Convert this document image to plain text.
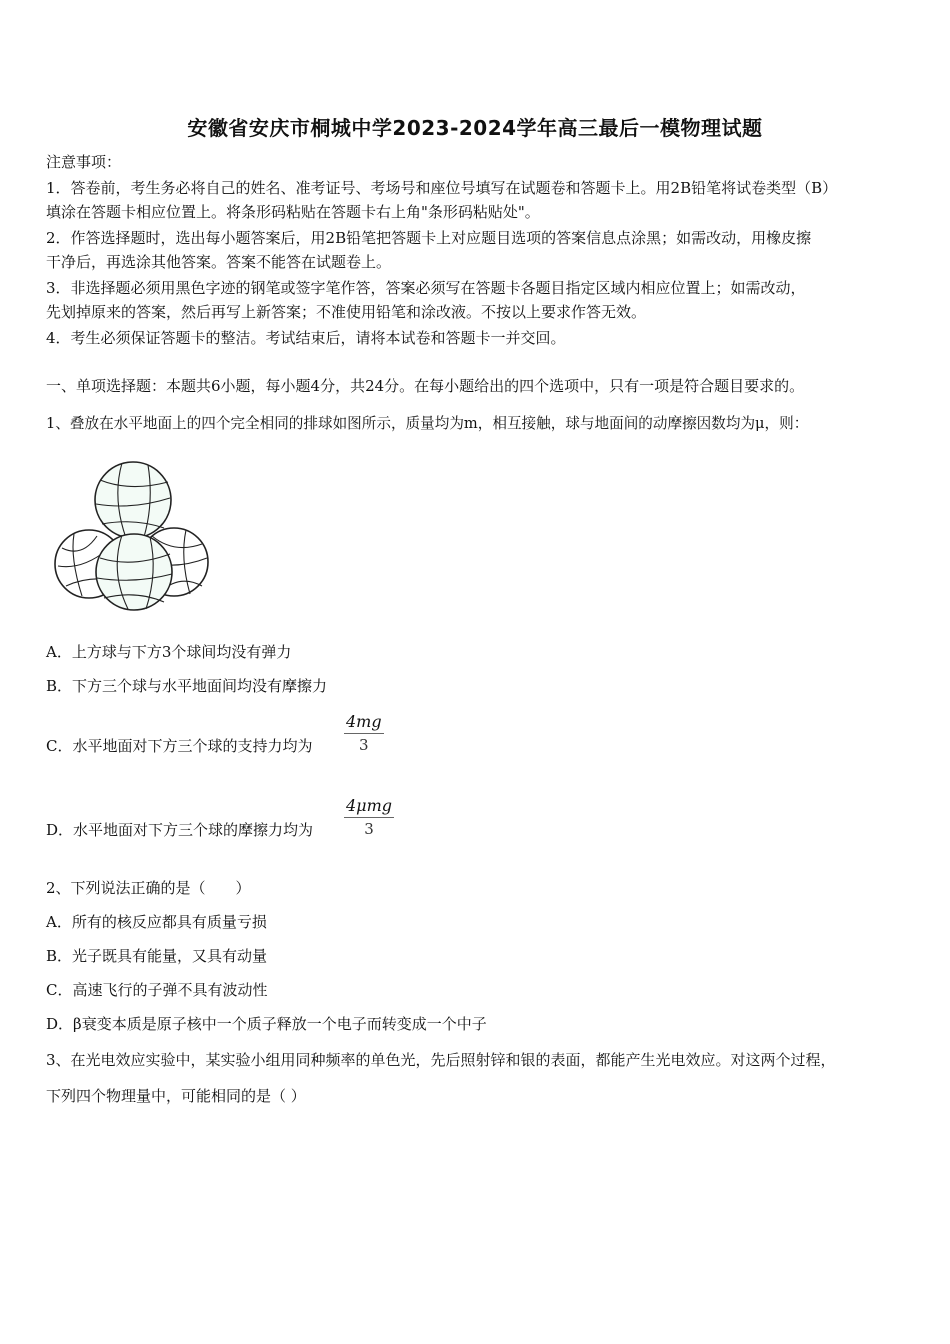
安徽省安庆市桐城中学2023-2024学年高三最后一模物理试题
注意事项：
1．答卷前，考生务必将自己的姓名、准考证号、考场号和座位号填写在试题卷和答题卡上。用2B铅笔将试卷类型（B）
填涂在答题卡相应位置上。将条形码粘贴在答题卡右上角"条形码粘贴处"。
2．作答选择题时，选出每小题答案后，用2B铅笔把答题卡上对应题目选项的答案信息点涂黑；如需改动，用橡皮擦
干净后，再选涂其他答案。答案不能答在试题卷上。
3．非选择题必须用黑色字迹的钢笔或签字笔作答，答案必须写在答题卡各题目指定区域内相应位置上；如需改动，
先划掉原来的答案，然后再写上新答案；不准使用铅笔和涂改液。不按以上要求作答无效。
4．考生必须保证答题卡的整洁。考试结束后，请将本试卷和答题卡一并交回。
一、单项选择题：本题共6小题，每小题4分，共24分。在每小题给出的四个选项中，只有一项是符合题目要求的。
1、叠放在水平地面上的四个完全相同的排球如图所示，质量均为m，相互接触，球与地面间的动摩擦因数均为μ，则：
A．上方球与下方3个球间均没有弹力
B．下方三个球与水平地面间均没有摩擦力
C．水平地面对下方三个球的支持力均为
4mg
3
D．水平地面对下方三个球的摩擦力均为
4μmg
3
2、下列说法正确的是（　　）
A．所有的核反应都具有质量亏损
B．光子既具有能量，又具有动量
C．高速飞行的子弹不具有波动性
D．β衰变本质是原子核中一个质子释放一个电子而转变成一个中子
3、在光电效应实验中，某实验小组用同种频率的单色光，先后照射锌和银的表面，都能产生光电效应。对这两个过程，
下列四个物理量中，可能相同的是（ ）
